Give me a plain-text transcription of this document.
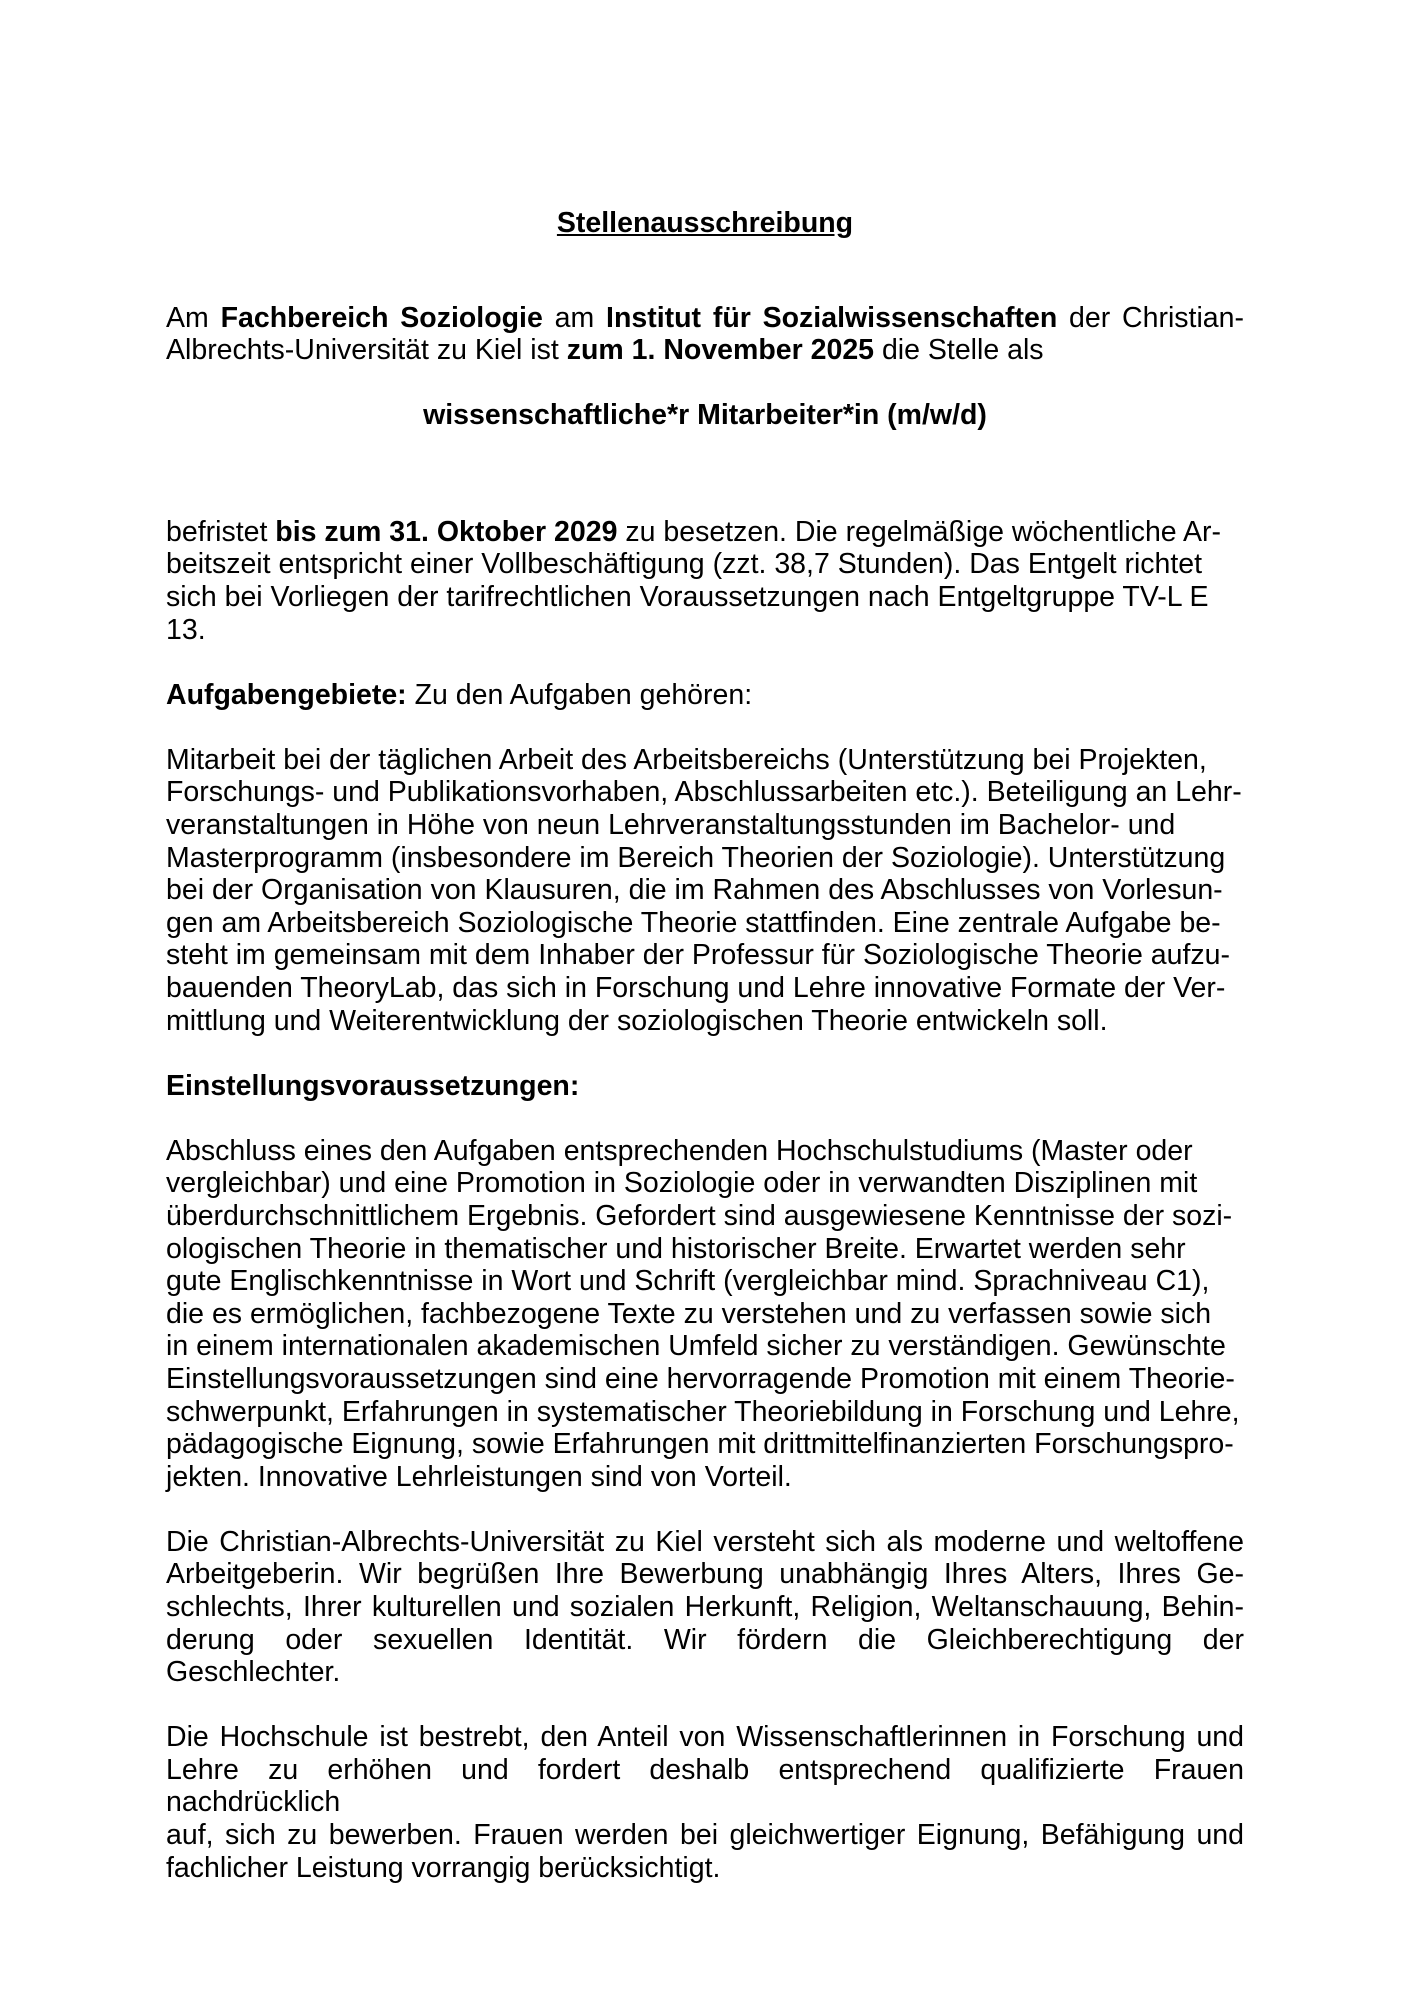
Stellenausschreibung
Am Fachbereich Soziologie am Institut für Sozialwissenschaften der Christian-
Albrechts-Universität zu Kiel ist zum 1. November 2025 die Stelle als
wissenschaftliche*r Mitarbeiter*in (m/w/d)
befristet bis zum 31. Oktober 2029 zu besetzen. Die regelmäßige wöchentliche Ar-
beitszeit entspricht einer Vollbeschäftigung (zzt. 38,7 Stunden). Das Entgelt richtet
sich bei Vorliegen der tarifrechtlichen Voraussetzungen nach Entgeltgruppe TV-L E
13.
Aufgabengebiete: Zu den Aufgaben gehören:
Mitarbeit bei der täglichen Arbeit des Arbeitsbereichs (Unterstützung bei Projekten,
Forschungs- und Publikationsvorhaben, Abschlussarbeiten etc.). Beteiligung an Lehr-
veranstaltungen in Höhe von neun Lehrveranstaltungsstunden im Bachelor- und
Masterprogramm (insbesondere im Bereich Theorien der Soziologie). Unterstützung
bei der Organisation von Klausuren, die im Rahmen des Abschlusses von Vorlesun-
gen am Arbeitsbereich Soziologische Theorie stattfinden. Eine zentrale Aufgabe be-
steht im gemeinsam mit dem Inhaber der Professur für Soziologische Theorie aufzu-
bauenden TheoryLab, das sich in Forschung und Lehre innovative Formate der Ver-
mittlung und Weiterentwicklung der soziologischen Theorie entwickeln soll.
Einstellungsvoraussetzungen:
Abschluss eines den Aufgaben entsprechenden Hochschulstudiums (Master oder
vergleichbar) und eine Promotion in Soziologie oder in verwandten Disziplinen mit
überdurchschnittlichem Ergebnis. Gefordert sind ausgewiesene Kenntnisse der sozi-
ologischen Theorie in thematischer und historischer Breite. Erwartet werden sehr
gute Englischkenntnisse in Wort und Schrift (vergleichbar mind. Sprachniveau C1),
die es ermöglichen, fachbezogene Texte zu verstehen und zu verfassen sowie sich
in einem internationalen akademischen Umfeld sicher zu verständigen. Gewünschte
Einstellungsvoraussetzungen sind eine hervorragende Promotion mit einem Theorie-
schwerpunkt, Erfahrungen in systematischer Theoriebildung in Forschung und Lehre,
pädagogische Eignung, sowie Erfahrungen mit drittmittelfinanzierten Forschungspro-
jekten. Innovative Lehrleistungen sind von Vorteil.
Die Christian-Albrechts-Universität zu Kiel versteht sich als moderne und weltoffene
Arbeitgeberin. Wir begrüßen Ihre Bewerbung unabhängig Ihres Alters, Ihres Ge-
schlechts, Ihrer kulturellen und sozialen Herkunft, Religion, Weltanschauung, Behin-
derung oder sexuellen Identität. Wir fördern die Gleichberechtigung der Geschlechter.
Die Hochschule ist bestrebt, den Anteil von Wissenschaftlerinnen in Forschung und
Lehre zu erhöhen und fordert deshalb entsprechend qualifizierte Frauen nachdrücklich
auf, sich zu bewerben. Frauen werden bei gleichwertiger Eignung, Befähigung und
fachlicher Leistung vorrangig berücksichtigt.
